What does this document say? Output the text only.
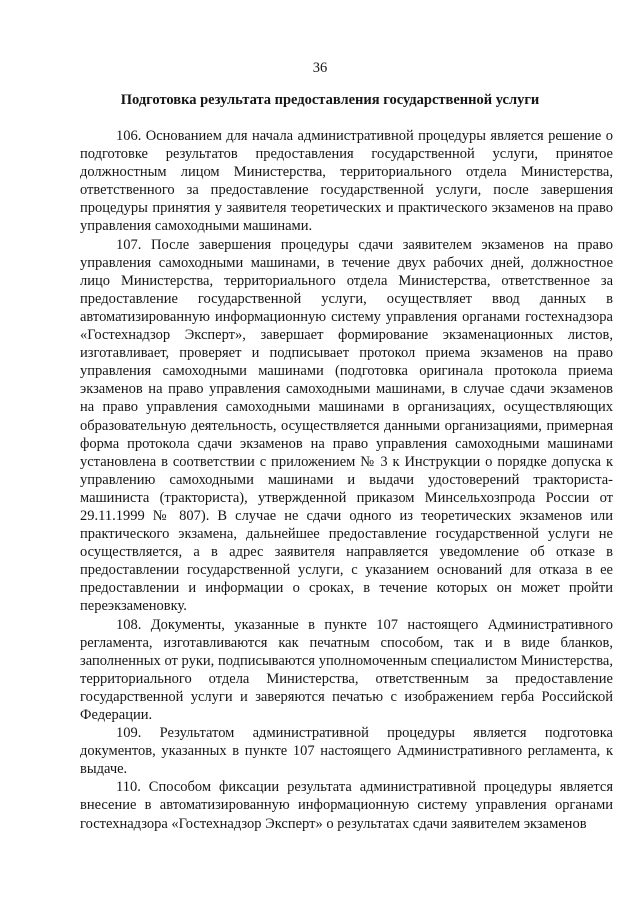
36
Подготовка результата предоставления государственной услуги

106. Основанием для начала административной процедуры является решение о подготовке результатов предоставления государственной услуги, принятое должностным лицом Министерства, территориального отдела Министерства, ответственного за предоставление государственной услуги, после завершения процедуры принятия у заявителя теоретических и практического экзаменов на право управления самоходными машинами.

107. После завершения процедуры сдачи заявителем экзаменов на право управления самоходными машинами, в течение двух рабочих дней, должностное лицо Министерства, территориального отдела Министерства, ответственное за предоставление государственной услуги, осуществляет ввод данных в автоматизированную информационную систему управления органами гостехнадзора «Гостехнадзор Эксперт», завершает формирование экзаменационных листов, изготавливает, проверяет и подписывает протокол приема экзаменов на право управления самоходными машинами (подготовка оригинала протокола приема экзаменов на право управления самоходными машинами, в случае сдачи экзаменов на право управления самоходными машинами в организациях, осуществляющих образовательную деятельность, осуществляется данными организациями, примерная форма протокола сдачи экзаменов на право управления самоходными машинами установлена в соответствии с приложением № 3 к Инструкции о порядке допуска к управлению самоходными машинами и выдачи удостоверений тракториста-машиниста (тракториста), утвержденной приказом Минсельхозпрода России от 29.11.1999 № 807). В случае не сдачи одного из теоретических экзаменов или практического экзамена, дальнейшее предоставление государственной услуги не осуществляется, а в адрес заявителя направляется уведомление об отказе в предоставлении государственной услуги, с указанием оснований для отказа в ее предоставлении и информации о сроках, в течение которых он может пройти переэкзаменовку.

108. Документы, указанные в пункте 107 настоящего Административного регламента, изготавливаются как печатным способом, так и в виде бланков, заполненных от руки, подписываются уполномоченным специалистом Министерства, территориального отдела Министерства, ответственным за предоставление государственной услуги и заверяются печатью с изображением герба Российской Федерации.

109. Результатом административной процедуры является подготовка документов, указанных в пункте 107 настоящего Административного регламента, к выдаче.

110. Способом фиксации результата административной процедуры является внесение в автоматизированную информационную систему управления органами гостехнадзора «Гостехнадзор Эксперт» о результатах сдачи заявителем экзаменов
